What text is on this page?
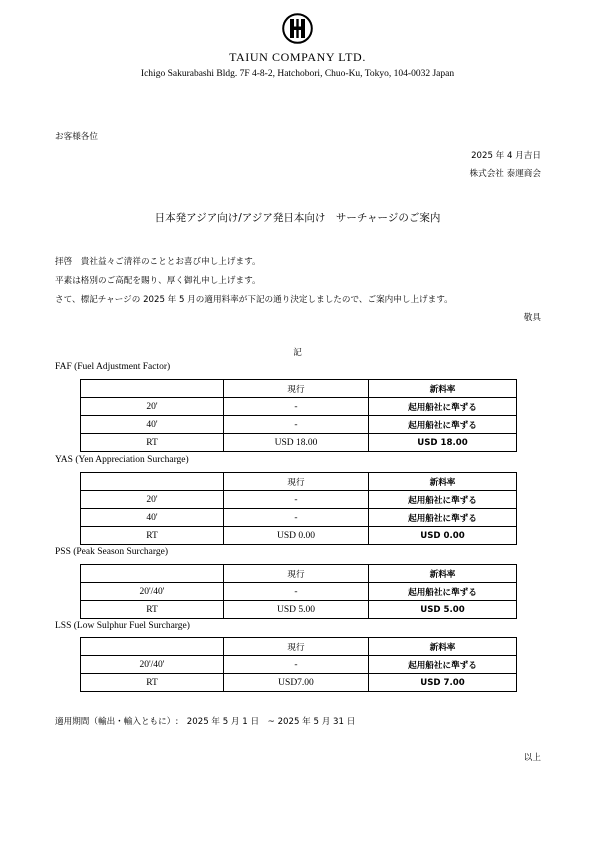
TAIUN COMPANY LTD.
Ichigo Sakurabashi Bldg. 7F 4-8-2, Hatchobori, Chuo-Ku, Tokyo, 104-0032 Japan
お客様各位
2025 年 4 月吉日
株式会社 泰運商会
日本発アジア向け/アジア発日本向け　サーチャージのご案内
拝啓　貴社益々ご清祥のこととお喜び申し上げます。
平素は格別のご高配を賜り、厚く御礼申し上げます。
さて、標記チャージの 2025 年 5 月の適用料率が下記の通り決定しましたので、ご案内申し上げます。
敬具
記
FAF (Fuel Adjustment Factor)
	現行	新料率
20'	-	起用船社に準ずる
40'	-	起用船社に準ずる
RT	USD 18.00	USD 18.00
YAS (Yen Appreciation Surcharge)
	現行	新料率
20'	-	起用船社に準ずる
40'	-	起用船社に準ずる
RT	USD 0.00	USD 0.00
PSS (Peak Season Surcharge)
	現行	新料率
20'/40'	-	起用船社に準ずる
RT	USD 5.00	USD 5.00
LSS (Low Sulphur Fuel Surcharge)
	現行	新料率
20'/40'	-	起用船社に準ずる
RT	USD7.00	USD 7.00
適用期間（輸出・輸入ともに）:　2025 年 5 月 1 日　~ 2025 年 5 月 31 日
以上
